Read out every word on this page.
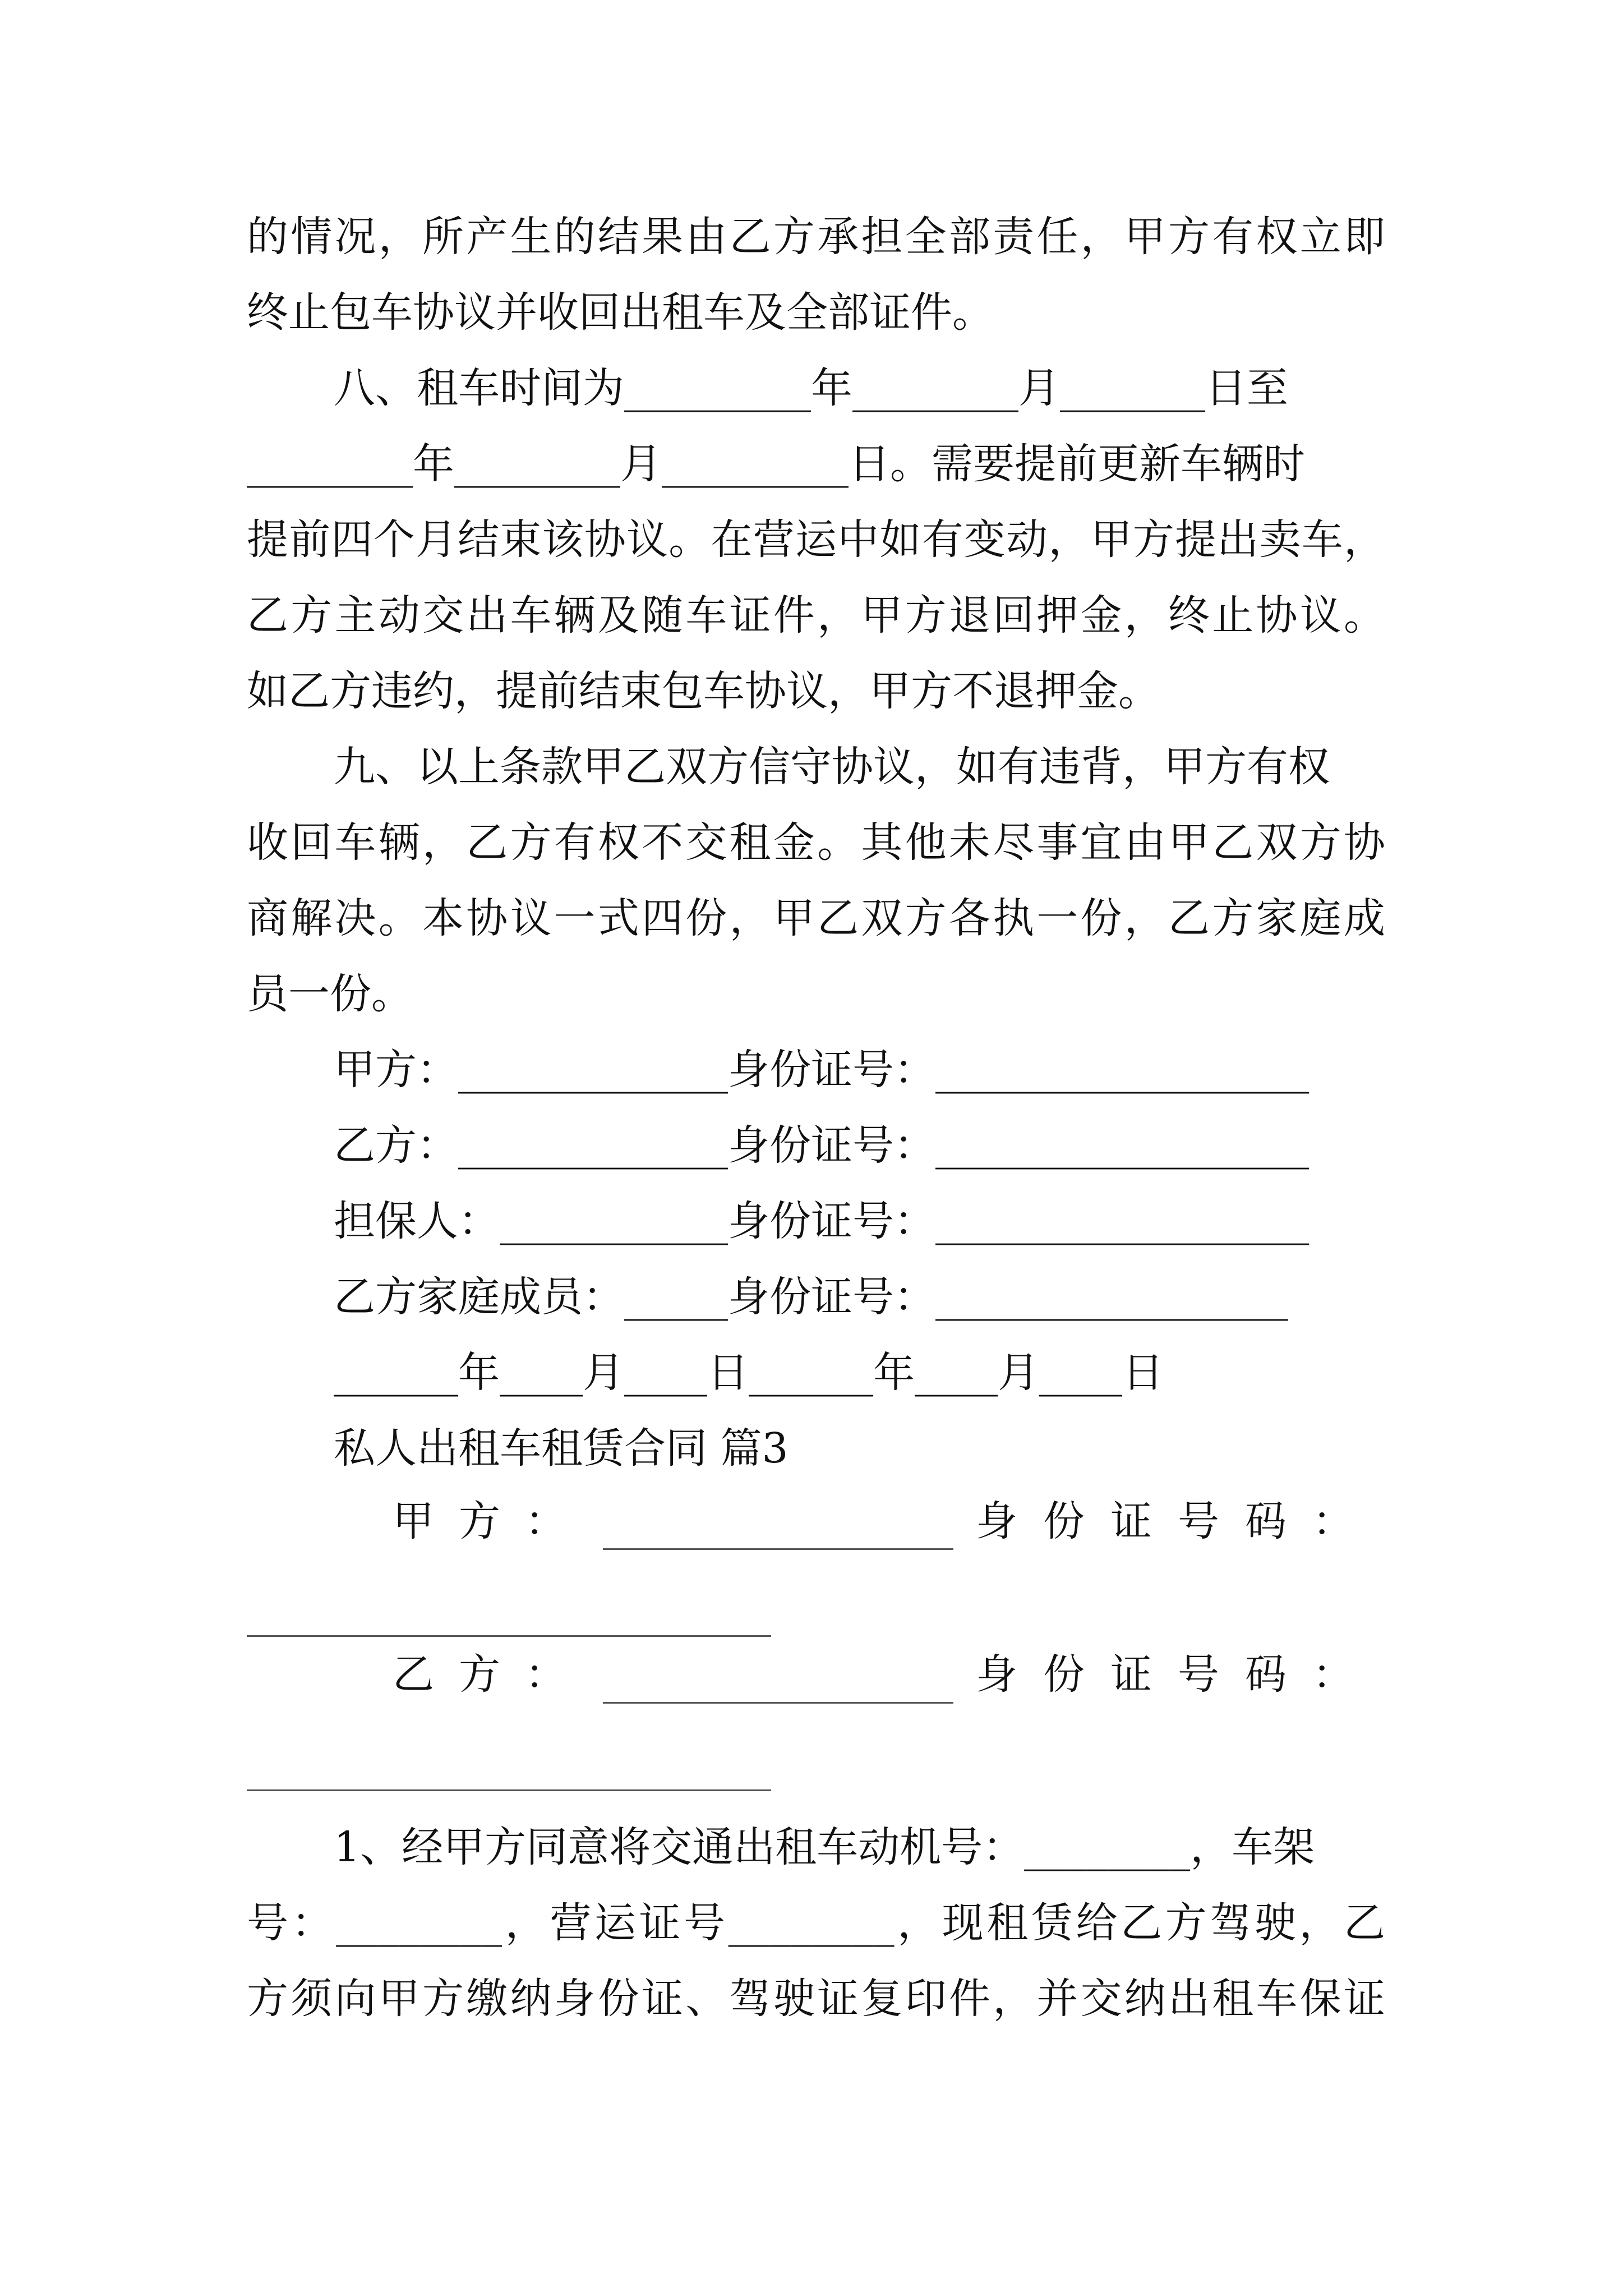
的情况，所产生的结果由乙方承担全部责任，甲方有权立即
终止包车协议并收回出租车及全部证件。
八、租车时间为_________年________月_______日至
________年________月_________日。需要提前更新车辆时
提前四个月结束该协议。在营运中如有变动，甲方提出卖车，
乙方主动交出车辆及随车证件，甲方退回押金，终止协议。
如乙方违约，提前结束包车协议，甲方不退押金。
九、以上条款甲乙双方信守协议，如有违背，甲方有权
收回车辆，乙方有权不交租金。其他未尽事宜由甲乙双方协
商解决。本协议一式四份，甲乙双方各执一份，乙方家庭成
员一份。
甲方：_____________身份证号：__________________
乙方：_____________身份证号：__________________
担保人：___________身份证号：__________________
乙方家庭成员：_____身份证号：_________________
______年____月____日______年____月____日
私人出租车租赁合同 篇3
甲方：	身份证号码：
乙方：	身份证号码：
1、经甲方同意将交通出租车动机号：________，车架
号：________，营运证号________，现租赁给乙方驾驶，乙
方须向甲方缴纳身份证、驾驶证复印件，并交纳出租车保证
